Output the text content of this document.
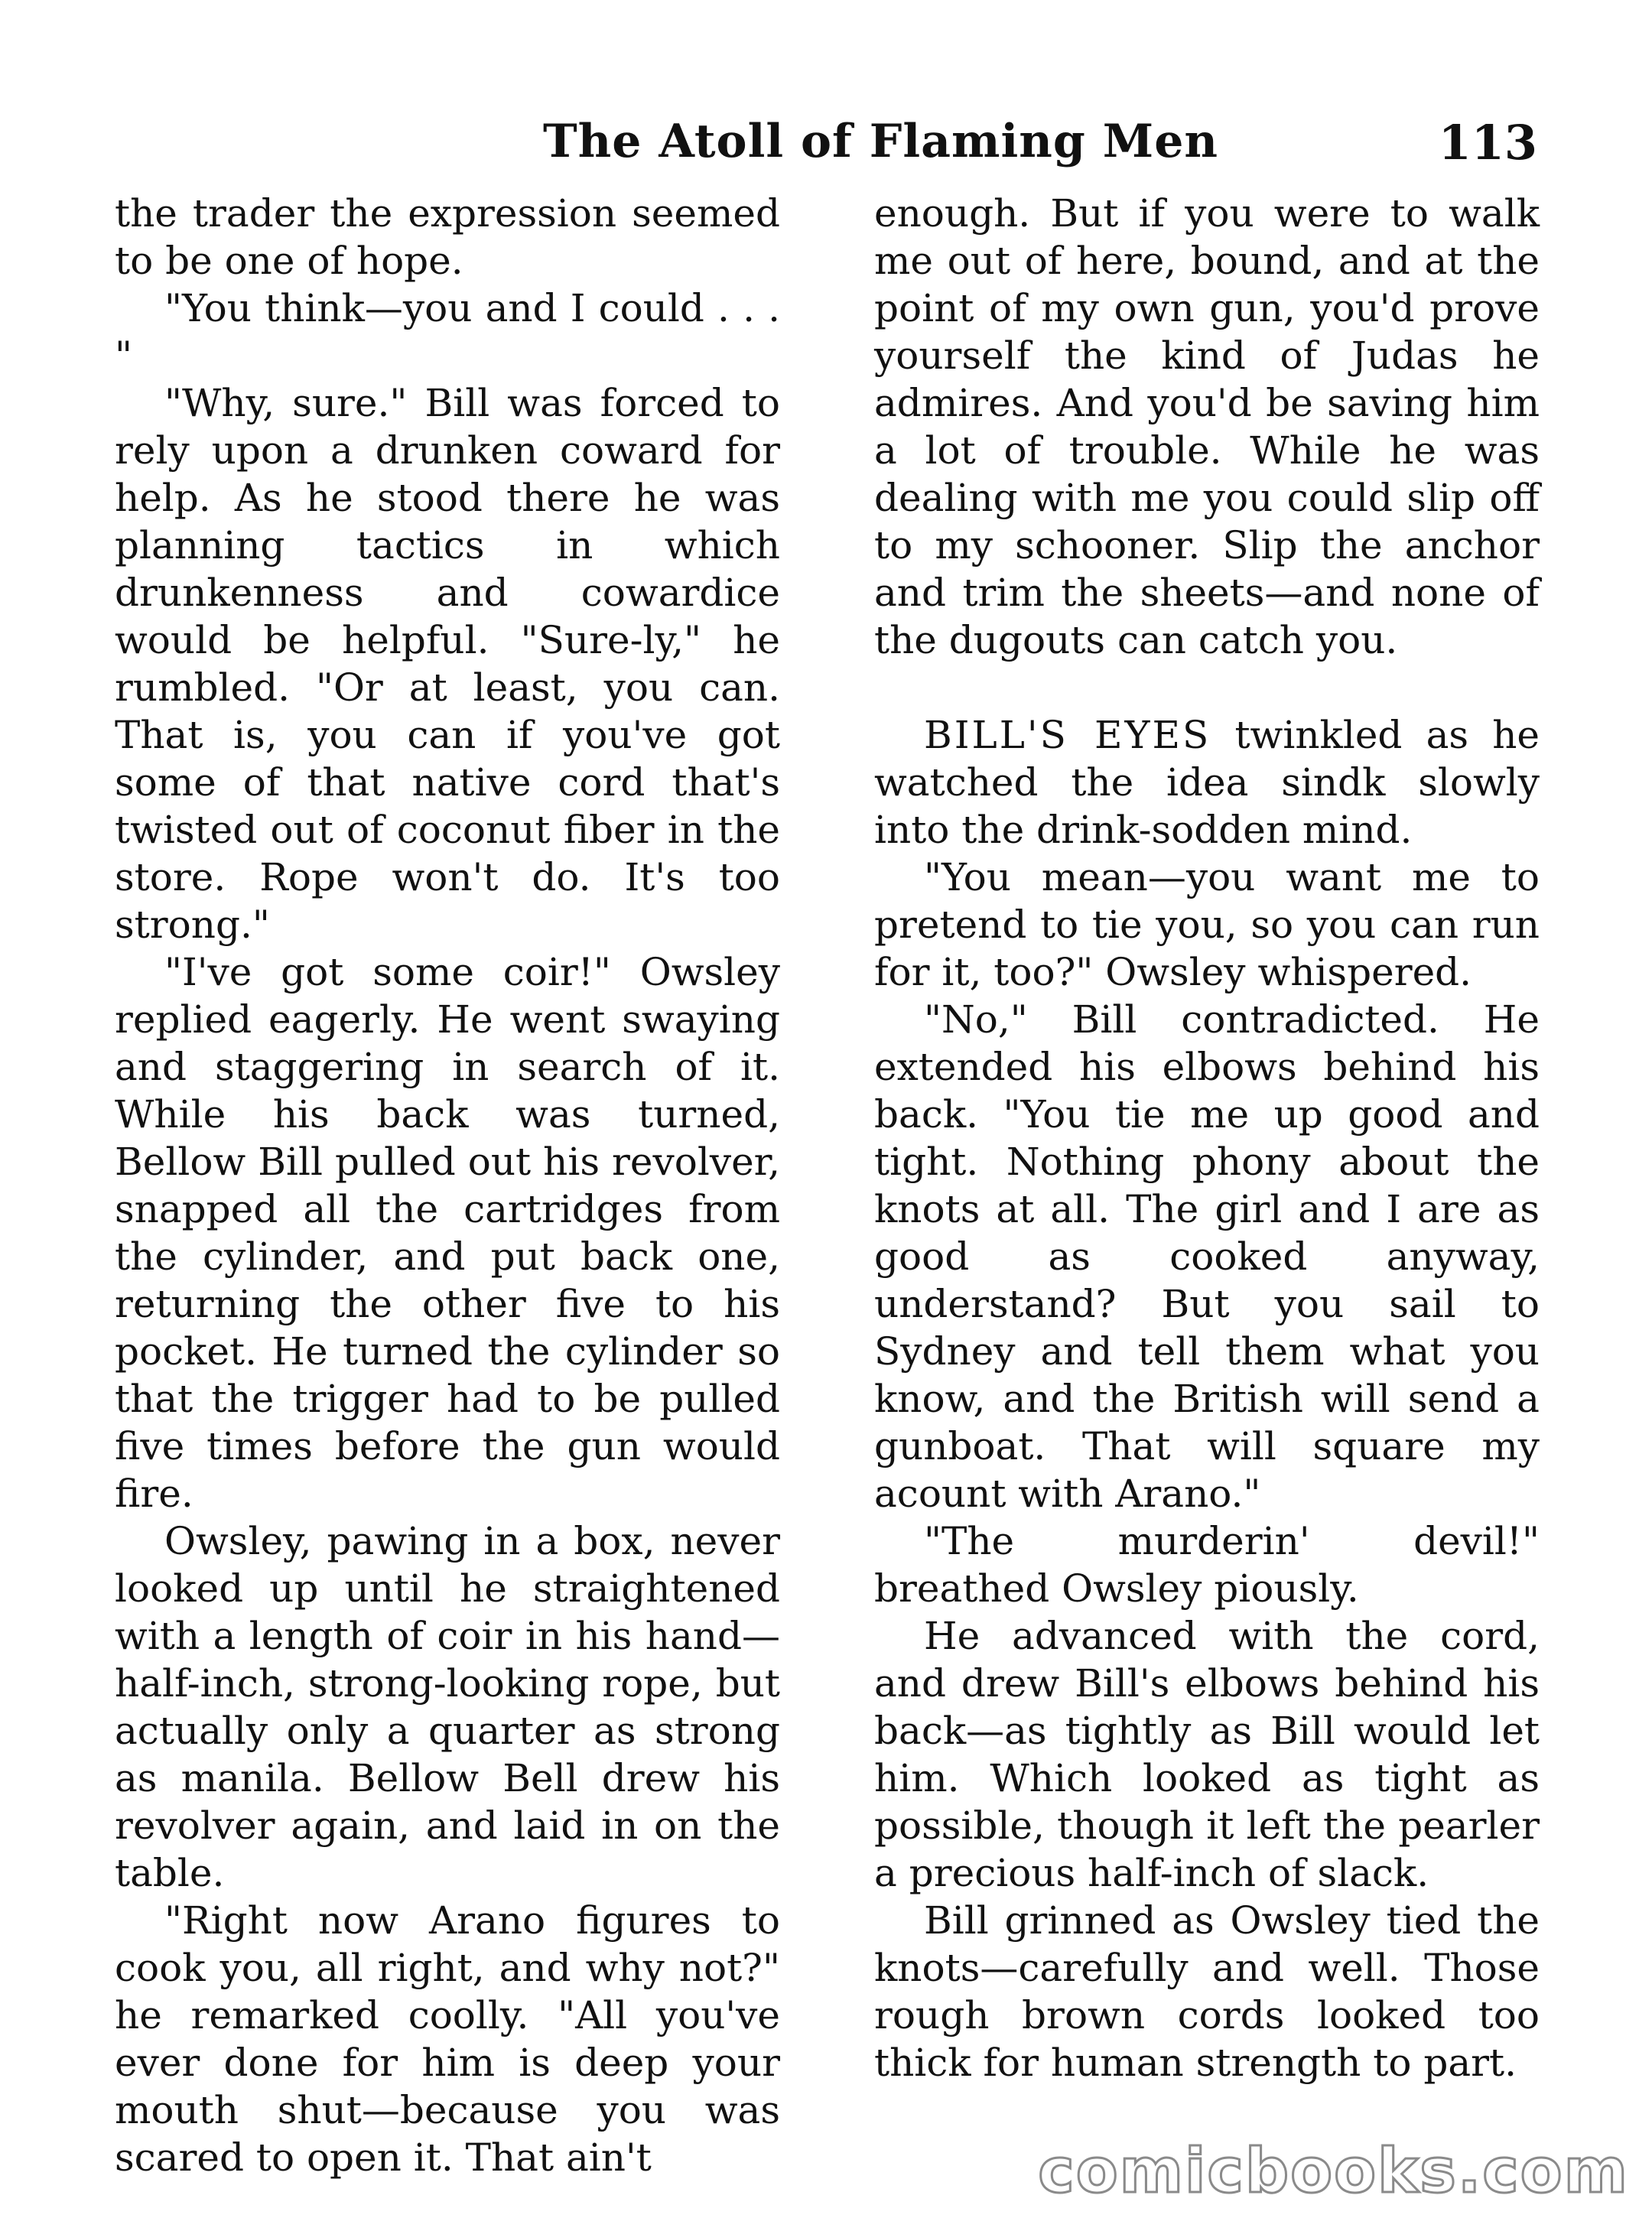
The Atoll of Flaming Men	113

the trader the expression seemed to be one of hope.

"You think—you and I could . . . "

"Why, sure." Bill was forced to rely upon a drunken coward for help. As he stood there he was planning tactics in which drunkenness and cowardice would be helpful. "Sure-ly," he rumbled. "Or at least, you can. That is, you can if you've got some of that native cord that's twisted out of coconut fiber in the store. Rope won't do. It's too strong."

"I've got some coir!" Owsley replied eagerly. He went swaying and staggering in search of it. While his back was turned, Bellow Bill pulled out his revolver, snapped all the cartridges from the cylinder, and put back one, returning the other five to his pocket. He turned the cylinder so that the trigger had to be pulled five times before the gun would fire.

Owsley, pawing in a box, never looked up until he straightened with a length of coir in his hand—half-inch, strong-looking rope, but actually only a quarter as strong as manila. Bellow Bell drew his revolver again, and laid in on the table.

"Right now Arano figures to cook you, all right, and why not?" he remarked coolly. "All you've ever done for him is deep your mouth shut—because you was scared to open it. That ain't

enough. But if you were to walk me out of here, bound, and at the point of my own gun, you'd prove yourself the kind of Judas he admires. And you'd be saving him a lot of trouble. While he was dealing with me you could slip off to my schooner. Slip the anchor and trim the sheets—and none of the dugouts can catch you.

BILL'S EYES twinkled as he watched the idea sindk slowly into the drink-sodden mind.

"You mean—you want me to pretend to tie you, so you can run for it, too?" Owsley whispered.

"No," Bill contradicted. He extended his elbows behind his back. "You tie me up good and tight. Nothing phony about the knots at all. The girl and I are as good as cooked anyway, understand? But you sail to Sydney and tell them what you know, and the British will send a gunboat. That will square my acount with Arano."

"The murderin' devil!" breathed Owsley piously.

He advanced with the cord, and drew Bill's elbows behind his back—as tightly as Bill would let him. Which looked as tight as possible, though it left the pearler a precious half-inch of slack.

Bill grinned as Owsley tied the knots—carefully and well. Those rough brown cords looked too thick for human strength to part.

comicbooks.com
